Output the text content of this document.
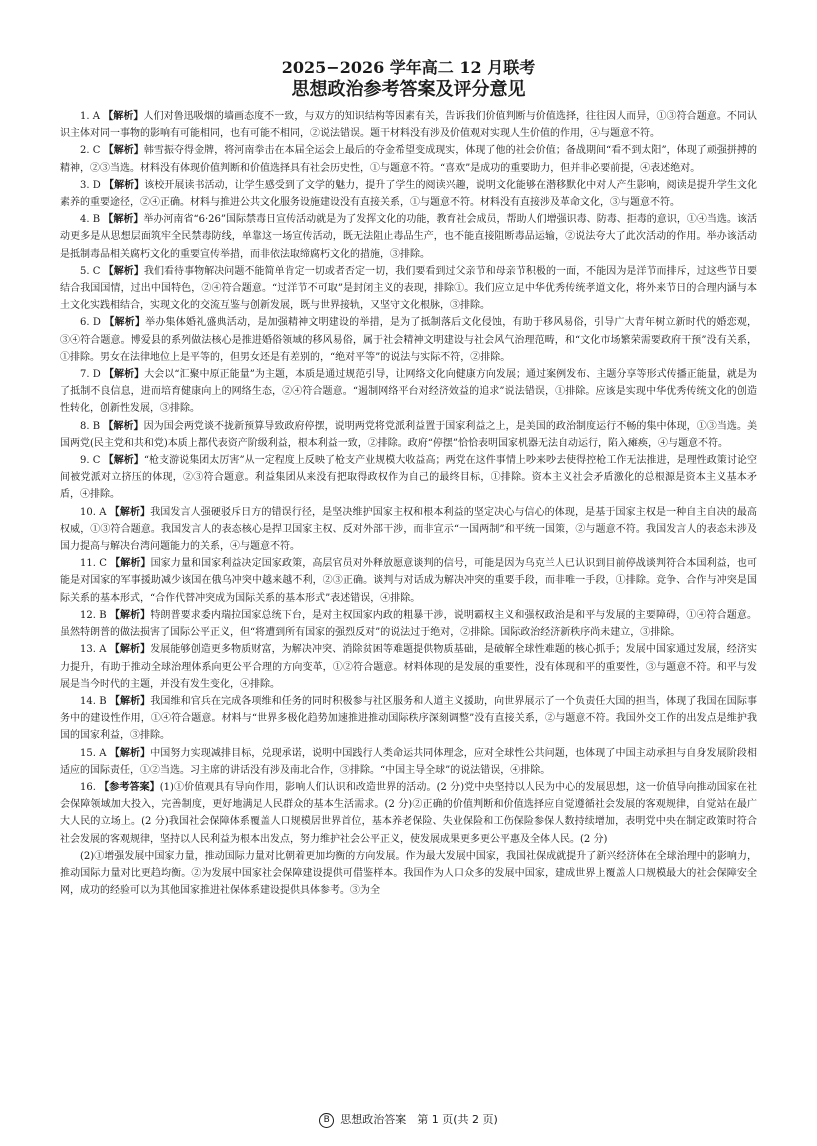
2025−2026 学年高二 12 月联考

思想政治参考答案及评分意见

1. A 【解析】人们对鲁迅吸烟的墙画态度不一致，与双方的知识结构等因素有关，告诉我们价值判断与价值选择，往往因人而异，①③符合题意。不同认识主体对同一事物的影响有可能相同，也有可能不相同，②说法错误。题干材料没有涉及价值观对实现人生价值的作用，④与题意不符。

2. C 【解析】韩雪振夺得金牌，将河南拳击在本届全运会上最后的夺金希望变成现实，体现了他的社会价值；备战期间“看不到太阳”，体现了顽强拼搏的精神，②③当选。材料没有体现价值判断和价值选择具有社会历史性，①与题意不符。“喜欢”是成功的重要助力，但并非必要前提，④表述绝对。

3. D 【解析】该校开展读书活动，让学生感受到了文学的魅力，提升了学生的阅读兴趣，说明文化能够在潜移默化中对人产生影响，阅读是提升学生文化素养的重要途径，②④正确。材料与推进公共文化服务设施建设没有直接关系，①与题意不符。材料没有直接涉及革命文化，③与题意不符。

4. B 【解析】举办河南省“6·26”国际禁毒日宣传活动就是为了发挥文化的功能，教育社会成员，帮助人们增强识毒、防毒、拒毒的意识，①④当选。该活动更多是从思想层面筑牢全民禁毒防线，单靠这一场宣传活动，既无法阻止毒品生产，也不能直接阻断毒品运输，②说法夸大了此次活动的作用。举办该活动是抵制毒品相关腐朽文化的重要宣传举措，而非依法取缔腐朽文化的措施，③排除。

5. C 【解析】我们看待事物解决问题不能简单肯定一切或者否定一切，我们要看到过父亲节和母亲节积极的一面，不能因为是洋节而排斥，过这些节日要结合我国国情，过出中国特色，②④符合题意。“过洋节不可取”是封闭主义的表现，排除①。我们应立足中华优秀传统孝道文化，将外来节日的合理内涵与本土文化实践相结合，实现文化的交流互鉴与创新发展，既与世界接轨，又坚守文化根脉，③排除。

6. D 【解析】举办集体婚礼盛典活动，是加强精神文明建设的举措，是为了抵制落后文化侵蚀，有助于移风易俗，引导广大青年树立新时代的婚恋观，③④符合题意。博爱县的系列做法核心是推进婚俗领域的移风易俗，属于社会精神文明建设与社会风气治理范畴，和“文化市场繁荣需要政府干预”没有关系，①排除。男女在法律地位上是平等的，但男女还是有差别的，“绝对平等”的说法与实际不符，②排除。

7. D 【解析】大会以“汇聚中原正能量”为主题，本质是通过规范引导，让网络文化向健康方向发展；通过案例发布、主题分享等形式传播正能量，就是为了抵制不良信息，进而培育健康向上的网络生态，②④符合题意。“遏制网络平台对经济效益的追求”说法错误，①排除。应该是实现中华优秀传统文化的创造性转化，创新性发展，③排除。

8. B 【解析】因为国会两党谈不拢新预算导致政府停摆，说明两党将党派利益置于国家利益之上，是美国的政治制度运行不畅的集中体现，①③当选。美国两党(民主党和共和党)本质上都代表资产阶级利益，根本利益一致，②排除。政府“停摆”恰恰表明国家机器无法自动运行，陷入瘫痪，④与题意不符。

9. C 【解析】“枪支游说集团太厉害”从一定程度上反映了枪支产业规模大收益高；两党在这件事情上吵来吵去使得控枪工作无法推进，是理性政策讨论空间被党派对立挤压的体现，②③符合题意。利益集团从来没有把取得政权作为自己的最终目标，①排除。资本主义社会矛盾激化的总根源是资本主义基本矛盾，④排除。

10. A 【解析】我国发言人强硬驳斥日方的错误行径，是坚决维护国家主权和根本利益的坚定决心与信心的体现，是基于国家主权是一种自主自决的最高权威，①③符合题意。我国发言人的表态核心是捍卫国家主权、反对外部干涉，而非宣示“一国两制”和平统一国策，②与题意不符。我国发言人的表态未涉及国力提高与解决台湾问题能力的关系，④与题意不符。

11. C 【解析】国家力量和国家利益决定国家政策，高层官员对外释放愿意谈判的信号，可能是因为乌克兰人已认识到目前停战谈判符合本国利益，也可能是对国家的军事援助减少该国在俄乌冲突中越来越不利，②③正确。谈判与对话成为解决冲突的重要手段，而非唯一手段，①排除。竞争、合作与冲突是国际关系的基本形式，“合作代替冲突成为国际关系的基本形式”表述错误，④排除。

12. B 【解析】特朗普要求委内瑞拉国家总统下台，是对主权国家内政的粗暴干涉，说明霸权主义和强权政治是和平与发展的主要障碍，①④符合题意。虽然特朗普的做法损害了国际公平正义，但“将遭到所有国家的强烈反对”的说法过于绝对，②排除。国际政治经济新秩序尚未建立，③排除。

13. A 【解析】发展能够创造更多物质财富，为解决冲突、消除贫困等难题提供物质基础，是破解全球性难题的核心抓手；发展中国家通过发展，经济实力提升，有助于推动全球治理体系向更公平合理的方向变革，①②符合题意。材料体现的是发展的重要性，没有体现和平的重要性，③与题意不符。和平与发展是当今时代的主题，并没有发生变化，④排除。

14. B 【解析】我国维和官兵在完成各项维和任务的同时积极参与社区服务和人道主义援助，向世界展示了一个负责任大国的担当，体现了我国在国际事务中的建设性作用，①④符合题意。材料与“世界多极化趋势加速推进推动国际秩序深刻调整”没有直接关系，②与题意不符。我国外交工作的出发点是维护我国的国家利益，③排除。

15. A 【解析】中国努力实现减排目标，兑现承诺，说明中国践行人类命运共同体理念，应对全球性公共问题，也体现了中国主动承担与自身发展阶段相适应的国际责任，①②当选。习主席的讲话没有涉及南北合作，③排除。“中国主导全球”的说法错误，④排除。

16. 【参考答案】(1)①价值观具有导向作用，影响人们认识和改造世界的活动。(2 分)党中央坚持以人民为中心的发展思想，这一价值导向推动国家在社会保障领域加大投入，完善制度，更好地满足人民群众的基本生活需求。(2 分)②正确的价值判断和价值选择应自觉遵循社会发展的客观规律，自觉站在最广大人民的立场上。(2 分)我国社会保障体系覆盖人口规模居世界首位，基本养老保险、失业保险和工伤保险参保人数持续增加，表明党中央在制定政策时符合社会发展的客观规律，坚持以人民利益为根本出发点，努力维护社会公平正义，使发展成果更多更公平惠及全体人民。(2 分)

(2)①增强发展中国家力量，推动国际力量对比朝着更加均衡的方向发展。作为最大发展中国家，我国社保成就提升了新兴经济体在全球治理中的影响力，推动国际力量对比更趋均衡。②为发展中国家社会保障建设提供可借鉴样本。我国作为人口众多的发展中国家，建成世界上覆盖人口规模最大的社会保障安全网，成功的经验可以为其他国家推进社保体系建设提供具体参考。③为全

B 思想政治答案　第 1 页(共 2 页)
